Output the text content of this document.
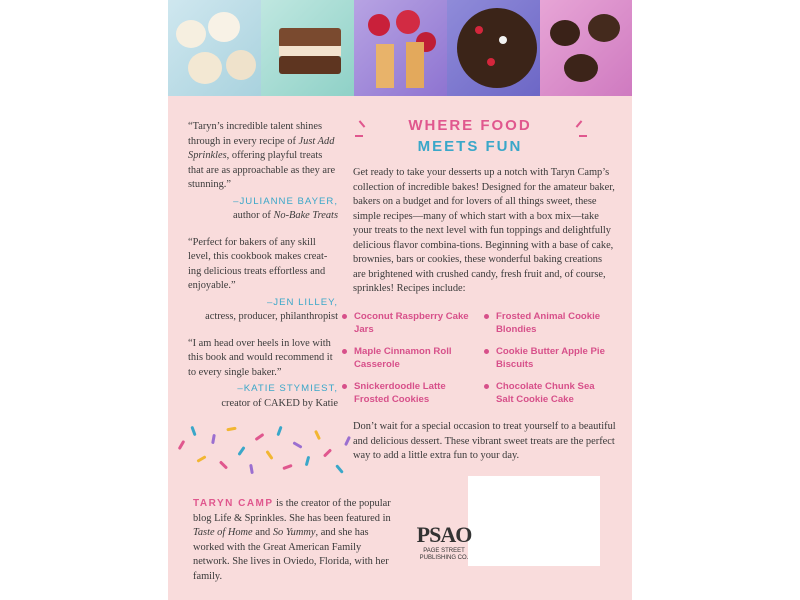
“Taryn’s incredible talent shines through in every recipe of Just Add Sprinkles, offering playful treats that are as approachable as they are stunning.”

–JULIANNE BAYER,
author of No-Bake Treats

“Perfect for bakers of any skill level, this cookbook makes creat-ing delicious treats effortless and enjoyable.”

–JEN LILLEY,
actress, producer, philanthropist

“I am head over heels in love with this book and would recommend it to every single baker.”

–KATIE STYMIEST,
creator of CAKED by Katie
WHERE FOOD
MEETS FUN

Get ready to take your desserts up a notch with Taryn Camp’s collection of incredible bakes! Designed for the amateur baker, bakers on a budget and for lovers of all things sweet, these simple recipes—many of which start with a box mix—take your treats to the next level with fun toppings and delightfully delicious flavor combina-tions. Beginning with a base of cake, brownies, bars or cookies, these wonderful baking creations are brightened with crushed candy, fresh fruit and, of course, sprinkles! Recipes include:

Coconut Raspberry Cake Jars
Frosted Animal Cookie Blondies
Maple Cinnamon Roll Casserole
Cookie Butter Apple Pie Biscuits
Snickerdoodle Latte Frosted Cookies
Chocolate Chunk Sea Salt Cookie Cake

Don’t wait for a special occasion to treat yourself to a beautiful and delicious dessert. These vibrant sweet treats are the perfect way to add a little extra fun to your day.

TARYN CAMP is the creator of the popular blog Life & Sprinkles. She has been featured in Taste of Home and So Yummy, and she has worked with the Great American Family network. She lives in Oviedo, Florida, with her family.

PSAO
PAGE STREET
PUBLISHING CO.
